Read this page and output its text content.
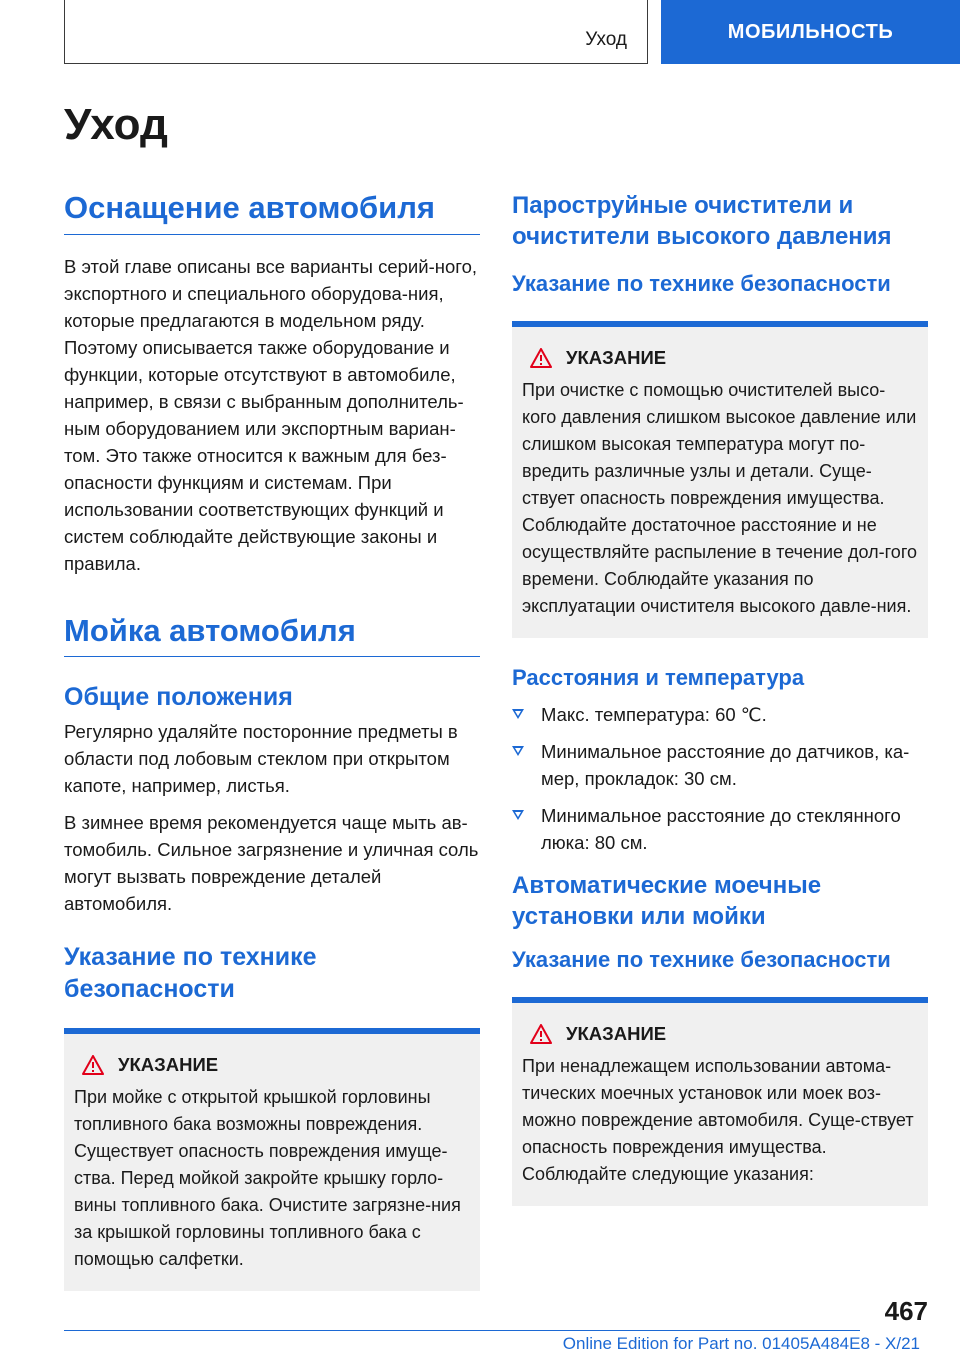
Уход	МОБИЛЬНОСТЬ
Уход
Оснащение автомобиля

В этой главе описаны все варианты серий-ного, экспортного и специального оборудова-ния, которые предлагаются в модельном ряду. Поэтому описывается также оборудование и функции, которые отсутствуют в автомобиле, например, в связи с выбранным дополнитель-ным оборудованием или экспортным вариан-том. Это также относится к важным для без-опасности функциям и системам. При использовании соответствующих функций и систем соблюдайте действующие законы и правила.

Мойка автомобиля
Общие положения

Регулярно удаляйте посторонние предметы в области под лобовым стеклом при открытом капоте, например, листья.

В зимнее время рекомендуется чаще мыть ав-томобиль. Сильное загрязнение и уличная соль могут вызвать повреждение деталей автомобиля.

Указание по технике безопасности
УКАЗАНИЕ

При мойке с открытой крышкой горловины топливного бака возможны повреждения. Существует опасность повреждения имуще-ства. Перед мойкой закройте крышку горло-вины топливного бака. Очистите загрязне-ния за крышкой горловины топливного бака с помощью салфетки.

Пароструйные очистители и очистители высокого давления
Указание по технике безопасности
УКАЗАНИЕ

При очистке с помощью очистителей высо-кого давления слишком высокое давление или слишком высокая температура могут по-вредить различные узлы и детали. Суще-ствует опасность повреждения имущества. Соблюдайте достаточное расстояние и не осуществляйте распыление в течение дол-гого времени. Соблюдайте указания по эксплуатации очистителя высокого давле-ния.

Расстояния и температура
Макс. температура: 60 ℃.
Минимальное расстояние до датчиков, ка-мер, прокладок: 30 см.
Минимальное расстояние до стеклянного люка: 80 см.
Автоматические моечные установки или мойки
Указание по технике безопасности
УКАЗАНИЕ

При ненадлежащем использовании автома-тических моечных установок или моек воз-можно повреждение автомобиля. Суще-ствует опасность повреждения имущества. Соблюдайте следующие указания:

467
Online Edition for Part no. 01405A484E8 - X/21
